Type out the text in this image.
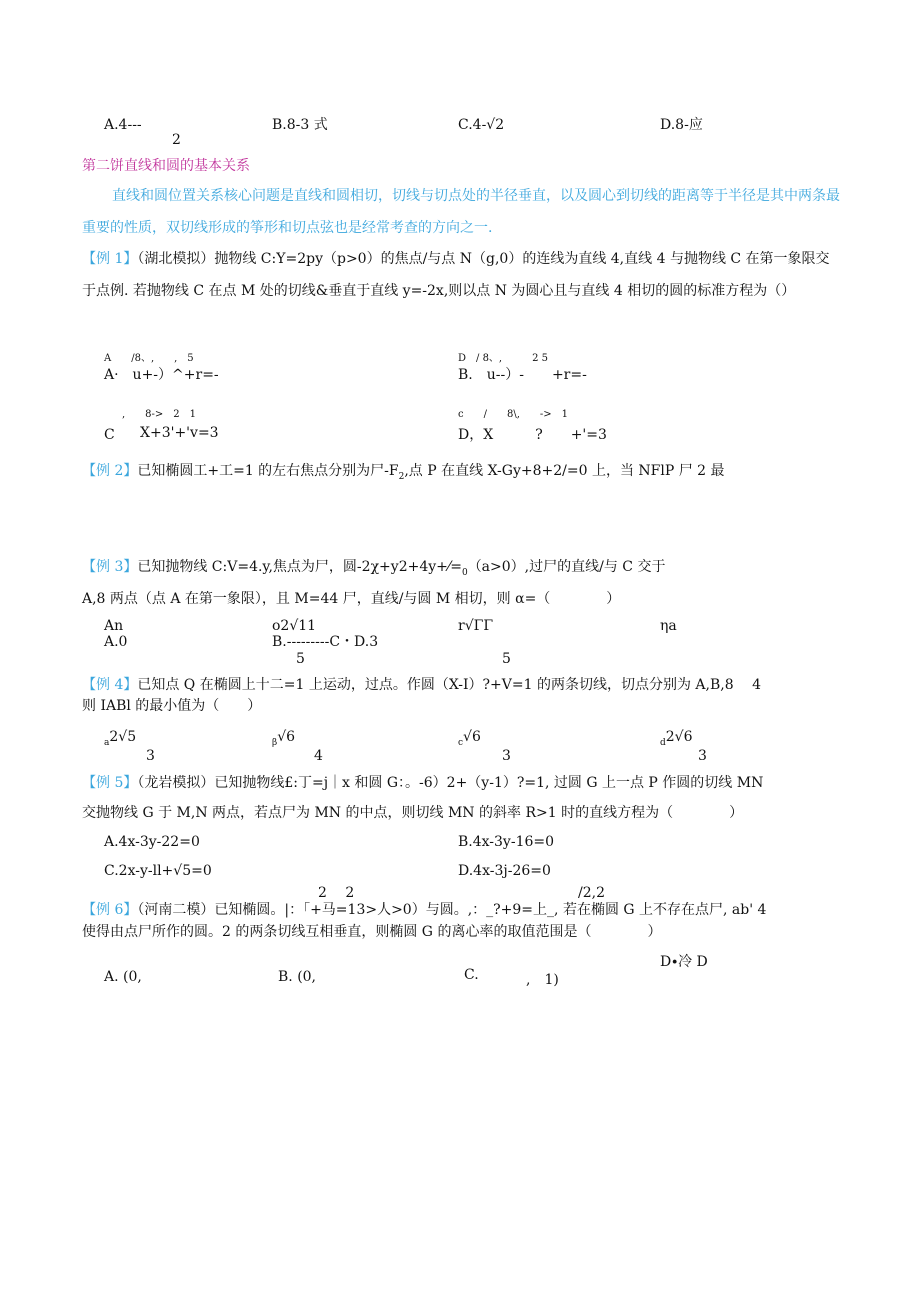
A.4---
2
B.8-3 式	C.4-√2	D.8-应
第二饼直线和圆的基本关系
直线和圆位置关系核心问题是直线和圆相切，切线与切点处的半径垂直，以及圆心到切线的距离等于半径是其中两条最重要的性质，双切线形成的筝形和切点弦也是经常考查的方向之一.
【例 1】（湖北模拟）抛物线 C:Y=2py（p>0）的焦点/与点 N（g,0）的连线为直线 4,直线 4 与抛物线 C 在第一象限交于点例. 若抛物线 C 在点 M 处的切线&垂直于直线 y=-2x,则以点 N 为圆心且与直线 4 相切的圆的标准方程为（）
A　　/8、,　　,　5
A·　u+-）^+r=-
D　/ 8、,　　　2 5
B.　u--）-　　+r=-
,　　8->　2　1
C X+3'+'v=3
c　　/　　8\,　　->　1
D，X　　　?　　+'=3
【例 2】已知椭圆工+工=1 的左右焦点分别为尸$-F_2$,点 P 在直线 X-Gy+8+2/=0 上，当 NFlP 尸 2 最
【例 3】已知抛物线 C:V=4.y,焦点为尸，圆$-2\chi+y2+4y+⁄=_0(a>0)$,过尸的直线/与 C 交于
A,8 两点（点 A 在第一象限），且 M=44 尸，直线/与圆 M 相切，则 α=（　　　　）
An	o2√11	r√ΓΓ	ηa
A.0	B.---------C・D.3
5	5
【例 4】已知点 Q 在椭圆上十二=1 上运动，过点。作圆（X-I）?+V=1 的两条切线，切点分别为 A,B,8　 4
则 IABl 的最小值为（　　）
$_a$2√5
3
$_\beta$√6
4
$_c$√6
3
$_d$2√6
3
【例 5】（龙岩模拟）已知抛物线£:丁=j｜x 和圆 G：。-6）2+（y-1）?=1, 过圆 G 上一点 P 作圆的切线 MN
交抛物线 G 于 M,N 两点，若点尸为 MN 的中点，则切线 MN 的斜率 R>1 时的直线方程为（　　　　）
A.4x-3y-22=0	B.4x-3y-16=0
C.2x-y-ll+√5=0	D.4x-3j-26=0
2　 2	/2,2
【例 6】（河南二模）已知椭圆。|：「+马=13>人>0）与圆。,：_?+9=上_, 若在椭圆 G 上不存在点尸, ab' 4
使得由点尸所作的圆。2 的两条切线互相垂直，则椭圆 G 的离心率的取值范围是（　　　　）
D∙冷 D
A. (0,	B. (0,	C.	,　1)
